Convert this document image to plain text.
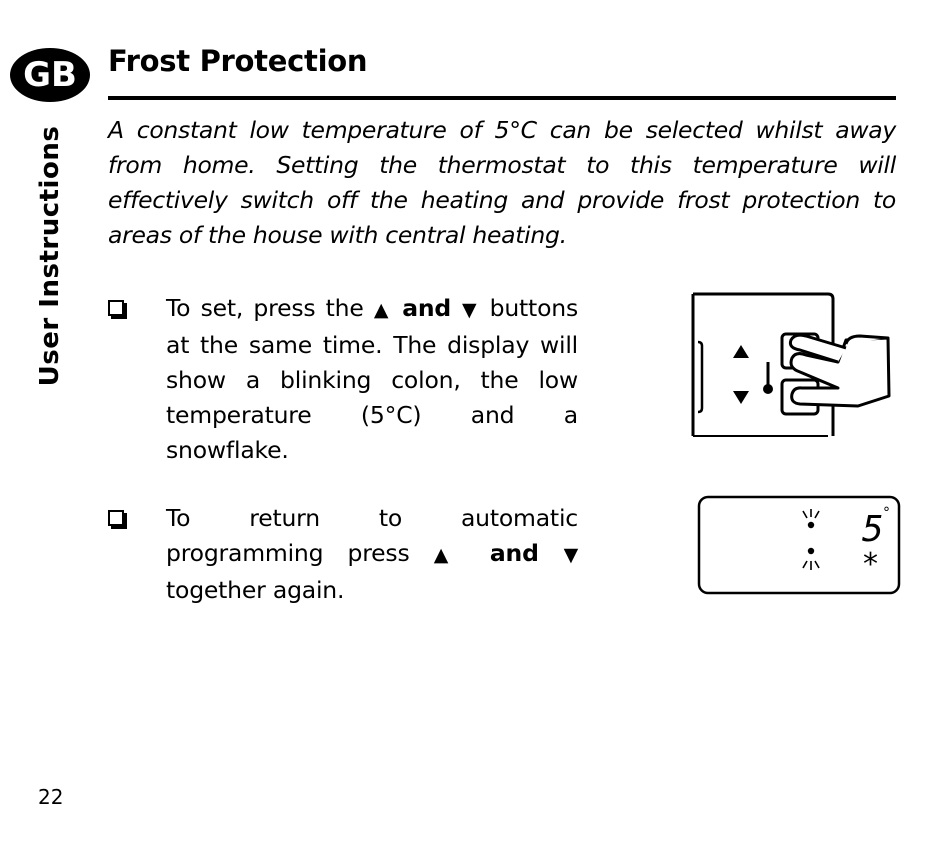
GB
User Instructions
Frost Protection
A constant low temperature of 5°C can be selected whilst away from home. Setting the thermostat to this temperature will effectively switch off the heating and provide frost protection to areas of the house with central heating.
To set, press the ▲ and ▼ buttons at the same time. The display will show a blinking colon, the low temperature (5°C) and a snowflake.
To return to automatic programming press ▲ and ▼ together again.
5 °
*
22
